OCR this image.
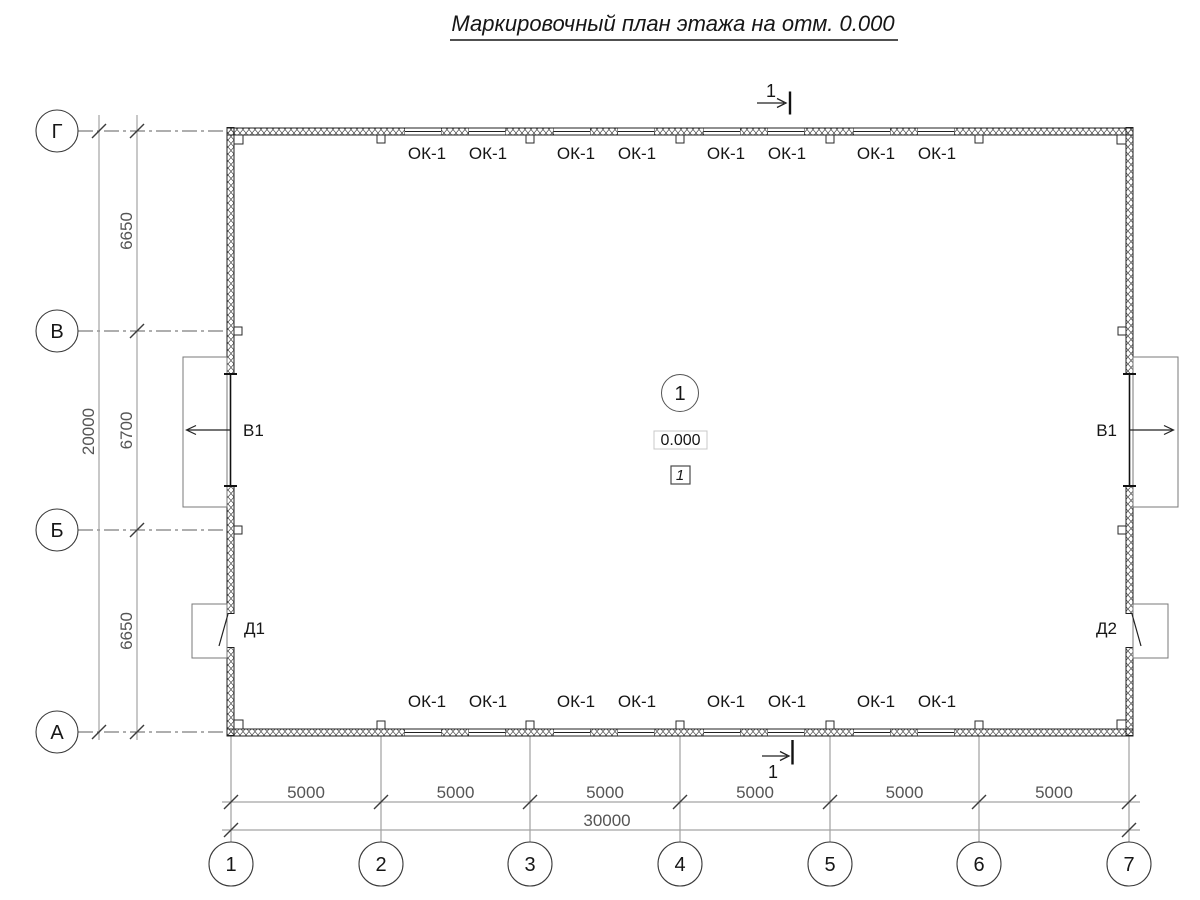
Маркировочный план этажа на отм. 0.000
5000	5000	5000	5000	5000	5000
30000
6650
6700
6650
20000
ОК-1
ОК-1
ОК-1
ОК-1
ОК-1
ОК-1
ОК-1
ОК-1
ОК-1
ОК-1
ОК-1
ОК-1
ОК-1
ОК-1
ОК-1
ОК-1
Г
В
Б
А
1	2	3	4	5	6	7
1
1
В1	В1
Д1	Д2
1
0.000
1
